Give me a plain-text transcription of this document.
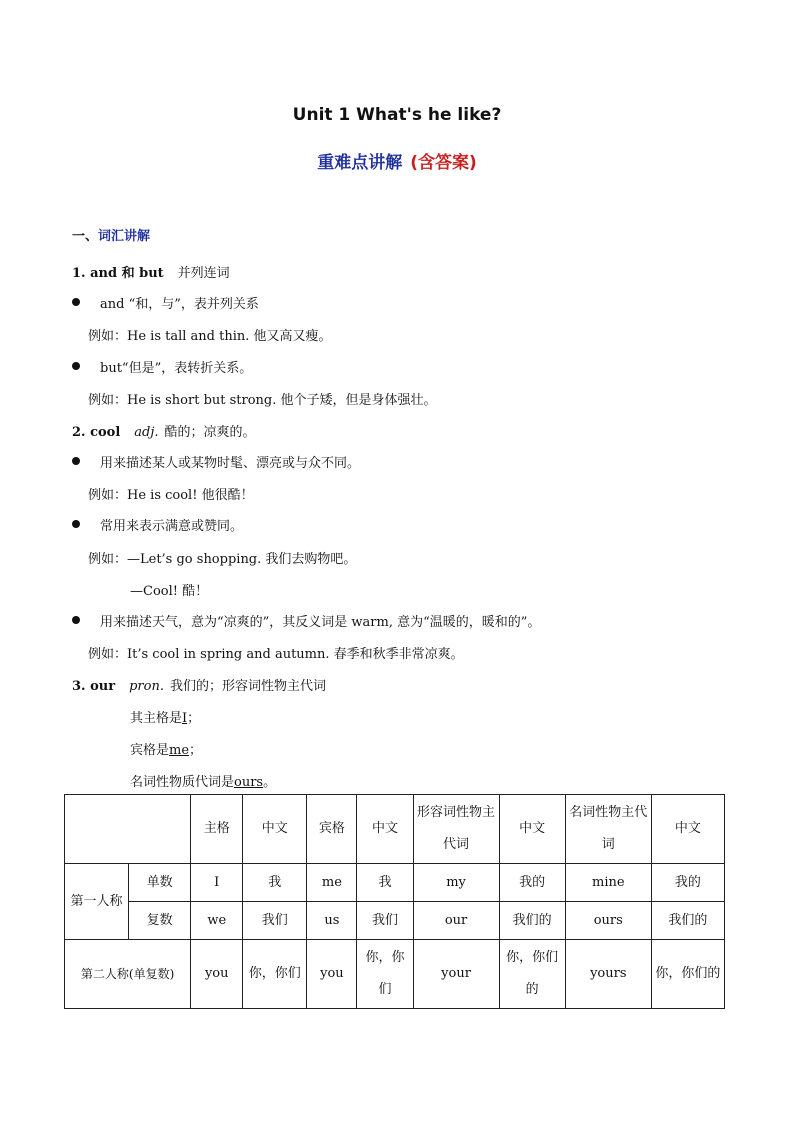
Unit 1 What's he like?
重难点讲解 (含答案)
一、词汇讲解
1. and 和 but 并列连词
and “和，与”，表并列关系
例如：He is tall and thin. 他又高又瘦。
but“但是”，表转折关系。
例如：He is short but strong. 他个子矮，但是身体强壮。
2. cool adj. 酷的；凉爽的。
用来描述某人或某物时髦、漂亮或与众不同。
例如：He is cool! 他很酷！
常用来表示满意或赞同。
例如：—Let’s go shopping. 我们去购物吧。
—Cool! 酷！
用来描述天气，意为“凉爽的”，其反义词是 warm, 意为“温暖的，暖和的”。
例如：It’s cool in spring and autumn. 春季和秋季非常凉爽。
3. our pron. 我们的；形容词性物主代词
其主格是I；
宾格是me；
名词性物质代词是ours。
		主格	中文	宾格	中文	形容词性物主代词	中文	名词性物主代词	中文
第一人称	单数	I	我	me	我	my	我的	mine	我的
	复数	we	我们	us	我们	our	我们的	ours	我们的
第二人称(单复数)		you	你，你们	you	你，你们	your	你，你们的	yours	你，你们的
